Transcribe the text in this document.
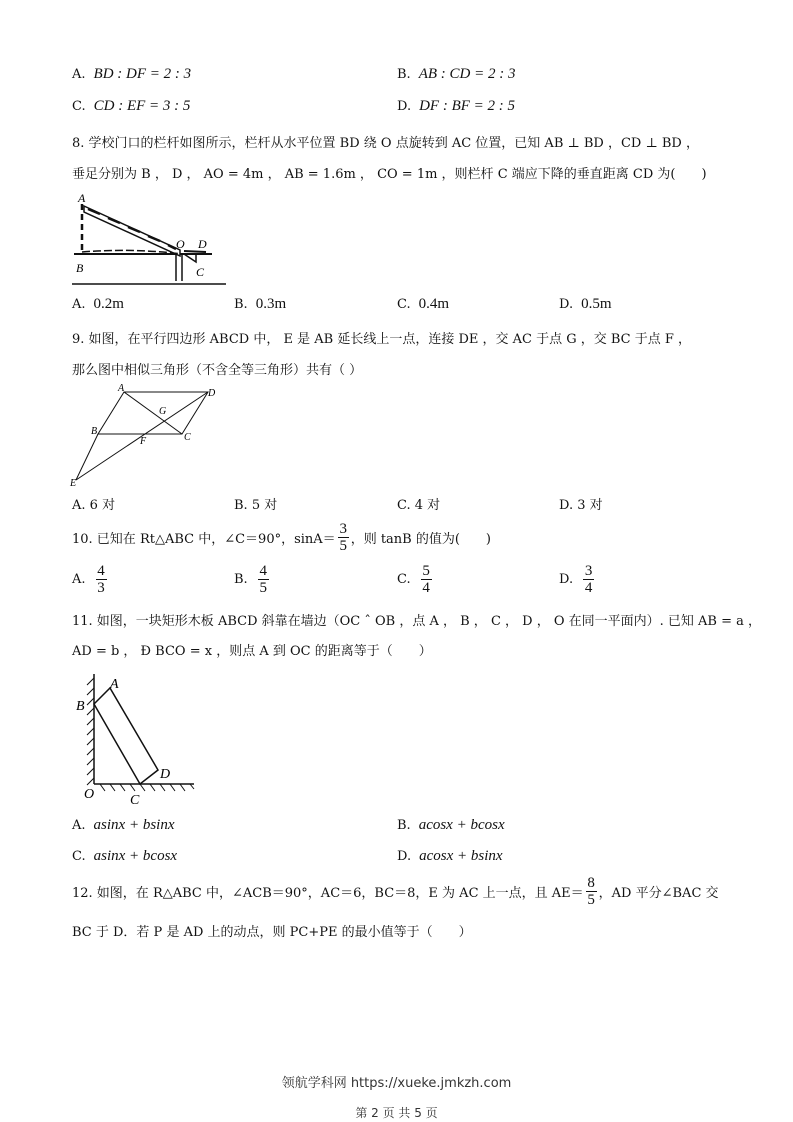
A. BD : DF = 2 : 3	B. AB : CD = 2 : 3
C. CD : EF = 3 : 5	D. DF : BF = 2 : 5
8. 学校门口的栏杆如图所示，栏杆从水平位置 BD 绕 O 点旋转到 AC 位置，已知 AB ⊥ BD ，CD ⊥ BD ，
垂足分别为 B ， D ， AO = 4m ， AB = 1.6m ， CO = 1m ，则栏杆 C 端应下降的垂直距离 CD 为(　　)
A
B
O D
C
A. 0.2m	B. 0.3m	C. 0.4m	D. 0.5m
9. 如图，在平行四边形 ABCD 中， E 是 AB 延长线上一点，连接 DE ，交 AC 于点 G ，交 BC 于点 F ，
那么图中相似三角形（不含全等三角形）共有（ ）
A	D
G
B
F	C
E
A. 6 对	B. 5 对	C. 4 对	D. 3 对
10. 已知在 Rt△ABC 中，∠C＝90°，$\sin A= \frac{3}{5}$ ，则 tanB 的值为(　　)
A. $\frac{4}{3}$	B. $\frac{4}{5}$	C. $\frac{5}{4}$	D. $\frac{3}{4}$
11. 如图，一块矩形木板 ABCD 斜靠在墙边（OC ˆ OB ，点 A ， B ， C ， D ， O 在同一平面内）. 已知 AB = a ，
AD = b ， Ð BCO = x ，则点 A 到 OC 的距离等于（　　）
A
B
O	C
D
A. asinx + bsinx	B. acosx + bcosx
C. asinx + bcosx	D. acosx + bsinx
12. 如图，在 R△ABC 中，∠ACB＝90°，AC＝6，BC＝8，E 为 AC 上一点，且 $AE= \frac{8}{5}$ ，AD 平分∠BAC 交
BC 于 D．若 P 是 AD 上的动点，则 PC+PE 的最小值等于（　　）
领航学科网 https://xueke.jmkzh.com
第 2 页 共 5 页
